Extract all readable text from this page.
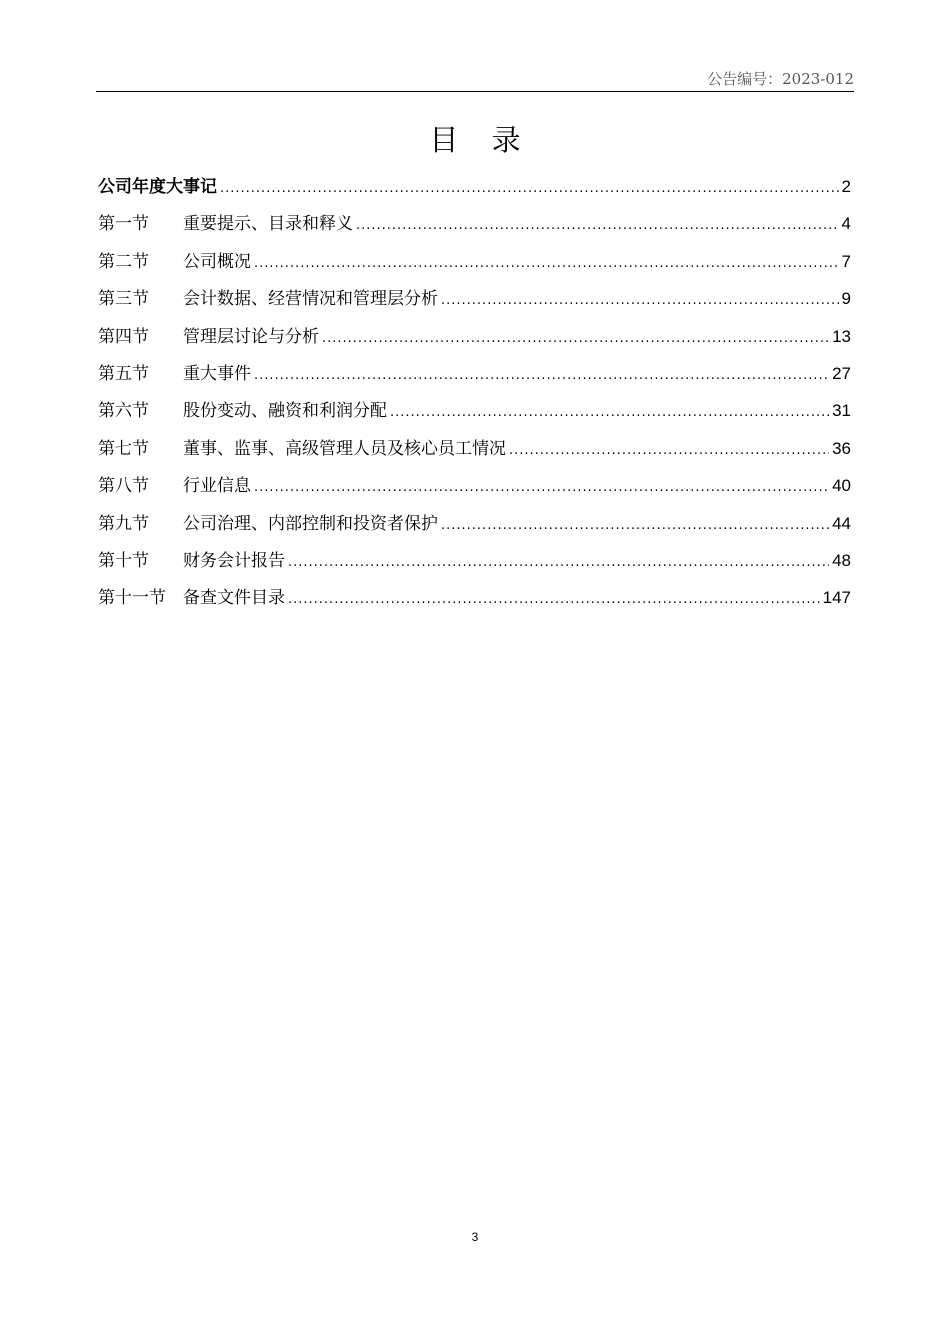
公告编号：2023-012
目 录
公司年度大事记 .....	2
第一节	重要提示、目录和释义 .....	4
第二节	公司概况 .....	7
第三节	会计数据、经营情况和管理层分析 .....	9
第四节	管理层讨论与分析 .....	13
第五节	重大事件 .....	27
第六节	股份变动、融资和利润分配 .....	31
第七节	董事、监事、高级管理人员及核心员工情况 .....	36
第八节	行业信息 .....	40
第九节	公司治理、内部控制和投资者保护 .....	44
第十节	财务会计报告 .....	48
第十一节	备查文件目录 .....	147
3
